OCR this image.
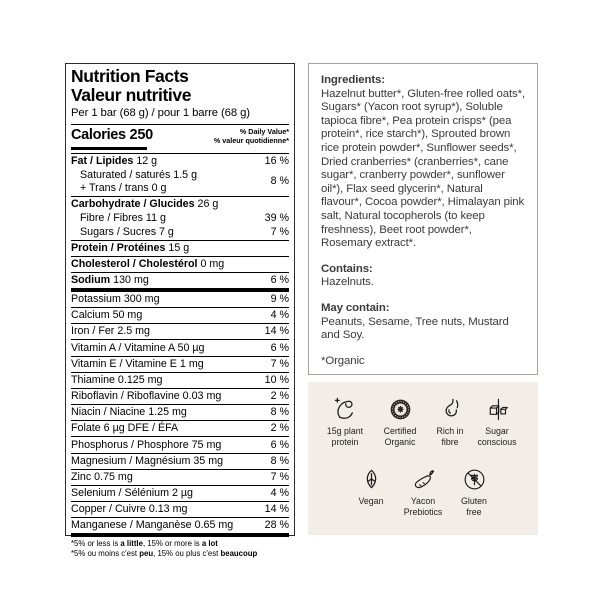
Nutrition Facts
Valeur nutritive
Per 1 bar (68 g) / pour 1 barre (68 g)
Calories 250	% Daily Value*
% valeur quotidienne*
Fat / Lipides 12 g	16 %
Saturated / saturés 1.5 g
+ Trans / trans 0 g
8 %
Carbohydrate / Glucides 26 g
Fibre / Fibres 11 g	39 %
Sugars / Sucres 7 g	7 %
Protein / Protéines 15 g
Cholesterol / Cholestérol 0 mg
Sodium 130 mg	6 %
Potassium 300 mg	9 %
Calcium 50 mg	4 %
Iron / Fer 2.5 mg	14 %
Vitamin A / Vitamine A 50 µg	6 %
Vitamin E / Vitamine E 1 mg	7 %
Thiamine 0.125 mg	10 %
Riboflavin / Riboflavine 0.03 mg	2 %
Niacin / Niacine 1.25 mg	8 %
Folate 6 µg DFE / ÉFA	2 %
Phosphorus / Phosphore 75 mg	6 %
Magnesium / Magnésium 35 mg	8 %
Zinc 0.75 mg	7 %
Selenium / Sélénium 2 µg	4 %
Copper / Cuivre 0.13 mg	14 %
Manganese / Manganèse 0.65 mg	28 %
*5% or less is a little, 15% or more is a lot
*5% ou moins c'est peu, 15% ou plus c'est beaucoup

Ingredients:
Hazelnut butter*, Gluten-free rolled oats*, Sugars* (Yacon root syrup*), Soluble tapioca fibre*, Pea protein crisps* (pea protein*, rice starch*), Sprouted brown rice protein powder*, Sunflower seeds*, Dried cranberries* (cranberries*, cane sugar*, cranberry powder*, sunflower oil*), Flax seed glycerin*, Natural flavour*, Cocoa powder*, Himalayan pink salt, Natural tocopherols (to keep freshness), Beet root powder*, Rosemary extract*.

Contains:
Hazelnuts.

May contain:
Peanuts, Sesame, Tree nuts, Mustard and Soy.

*Organic

15g plant
protein
Certified
Organic
Rich in
fibre
Sugar
conscious
Vegan	Yacon
Prebiotics
Gluten
free
